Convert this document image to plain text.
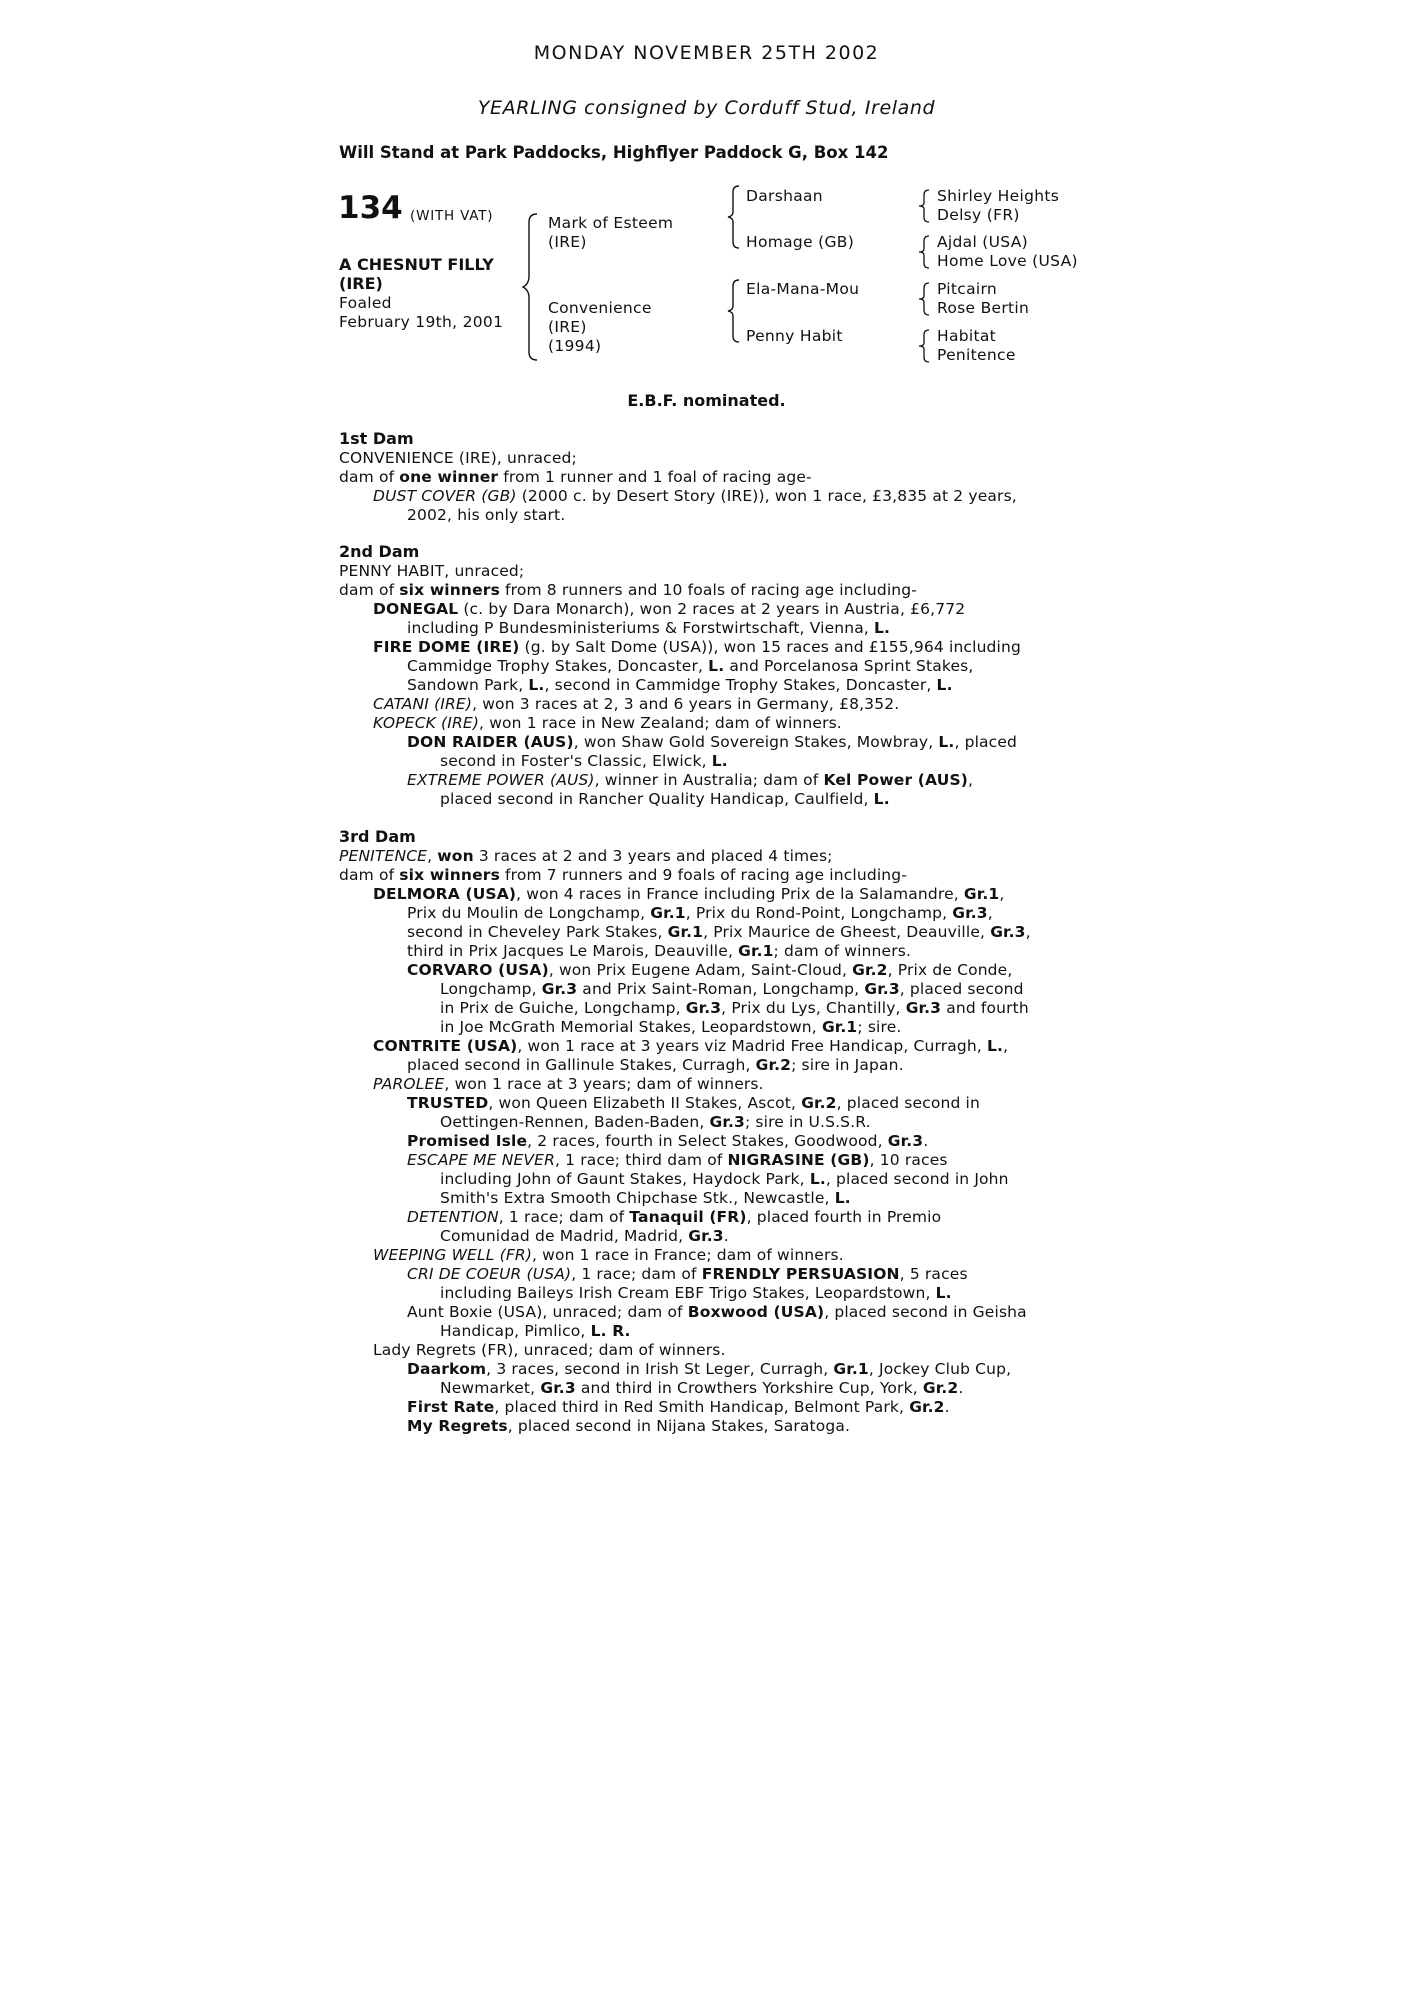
MONDAY NOVEMBER 25TH 2002
YEARLING consigned by Corduff Stud, Ireland
Will Stand at Park Paddocks, Highflyer Paddock G, Box 142
134 (WITH VAT)
A CHESNUT FILLY
(IRE)
Foaled
February 19th, 2001
Mark of Esteem
(IRE)
Convenience
(IRE)
(1994)
Darshaan
Homage (GB)
Ela-Mana-Mou
Penny Habit
Shirley Heights
Delsy (FR)
Ajdal (USA)
Home Love (USA)
Pitcairn
Rose Bertin
Habitat
Penitence
E.B.F. nominated.
1st Dam
CONVENIENCE (IRE), unraced;
dam of one winner from 1 runner and 1 foal of racing age-
DUST COVER (GB) (2000 c. by Desert Story (IRE)), won 1 race, £3,835 at 2 years,
2002, his only start.
2nd Dam
PENNY HABIT, unraced;
dam of six winners from 8 runners and 10 foals of racing age including-
DONEGAL (c. by Dara Monarch), won 2 races at 2 years in Austria, £6,772
including P Bundesministeriums & Forstwirtschaft, Vienna, L.
FIRE DOME (IRE) (g. by Salt Dome (USA)), won 15 races and £155,964 including
Cammidge Trophy Stakes, Doncaster, L. and Porcelanosa Sprint Stakes,
Sandown Park, L., second in Cammidge Trophy Stakes, Doncaster, L.
CATANI (IRE), won 3 races at 2, 3 and 6 years in Germany, £8,352.
KOPECK (IRE), won 1 race in New Zealand; dam of winners.
DON RAIDER (AUS), won Shaw Gold Sovereign Stakes, Mowbray, L., placed
second in Foster's Classic, Elwick, L.
EXTREME POWER (AUS), winner in Australia; dam of Kel Power (AUS),
placed second in Rancher Quality Handicap, Caulfield, L.
3rd Dam
PENITENCE, won 3 races at 2 and 3 years and placed 4 times;
dam of six winners from 7 runners and 9 foals of racing age including-
DELMORA (USA), won 4 races in France including Prix de la Salamandre, Gr.1,
Prix du Moulin de Longchamp, Gr.1, Prix du Rond-Point, Longchamp, Gr.3,
second in Cheveley Park Stakes, Gr.1, Prix Maurice de Gheest, Deauville, Gr.3,
third in Prix Jacques Le Marois, Deauville, Gr.1; dam of winners.
CORVARO (USA), won Prix Eugene Adam, Saint-Cloud, Gr.2, Prix de Conde,
Longchamp, Gr.3 and Prix Saint-Roman, Longchamp, Gr.3, placed second
in Prix de Guiche, Longchamp, Gr.3, Prix du Lys, Chantilly, Gr.3 and fourth
in Joe McGrath Memorial Stakes, Leopardstown, Gr.1; sire.
CONTRITE (USA), won 1 race at 3 years viz Madrid Free Handicap, Curragh, L.,
placed second in Gallinule Stakes, Curragh, Gr.2; sire in Japan.
PAROLEE, won 1 race at 3 years; dam of winners.
TRUSTED, won Queen Elizabeth II Stakes, Ascot, Gr.2, placed second in
Oettingen-Rennen, Baden-Baden, Gr.3; sire in U.S.S.R.
Promised Isle, 2 races, fourth in Select Stakes, Goodwood, Gr.3.
ESCAPE ME NEVER, 1 race; third dam of NIGRASINE (GB), 10 races
including John of Gaunt Stakes, Haydock Park, L., placed second in John
Smith's Extra Smooth Chipchase Stk., Newcastle, L.
DETENTION, 1 race; dam of Tanaquil (FR), placed fourth in Premio
Comunidad de Madrid, Madrid, Gr.3.
WEEPING WELL (FR), won 1 race in France; dam of winners.
CRI DE COEUR (USA), 1 race; dam of FRENDLY PERSUASION, 5 races
including Baileys Irish Cream EBF Trigo Stakes, Leopardstown, L.
Aunt Boxie (USA), unraced; dam of Boxwood (USA), placed second in Geisha
Handicap, Pimlico, L. R.
Lady Regrets (FR), unraced; dam of winners.
Daarkom, 3 races, second in Irish St Leger, Curragh, Gr.1, Jockey Club Cup,
Newmarket, Gr.3 and third in Crowthers Yorkshire Cup, York, Gr.2.
First Rate, placed third in Red Smith Handicap, Belmont Park, Gr.2.
My Regrets, placed second in Nijana Stakes, Saratoga.
